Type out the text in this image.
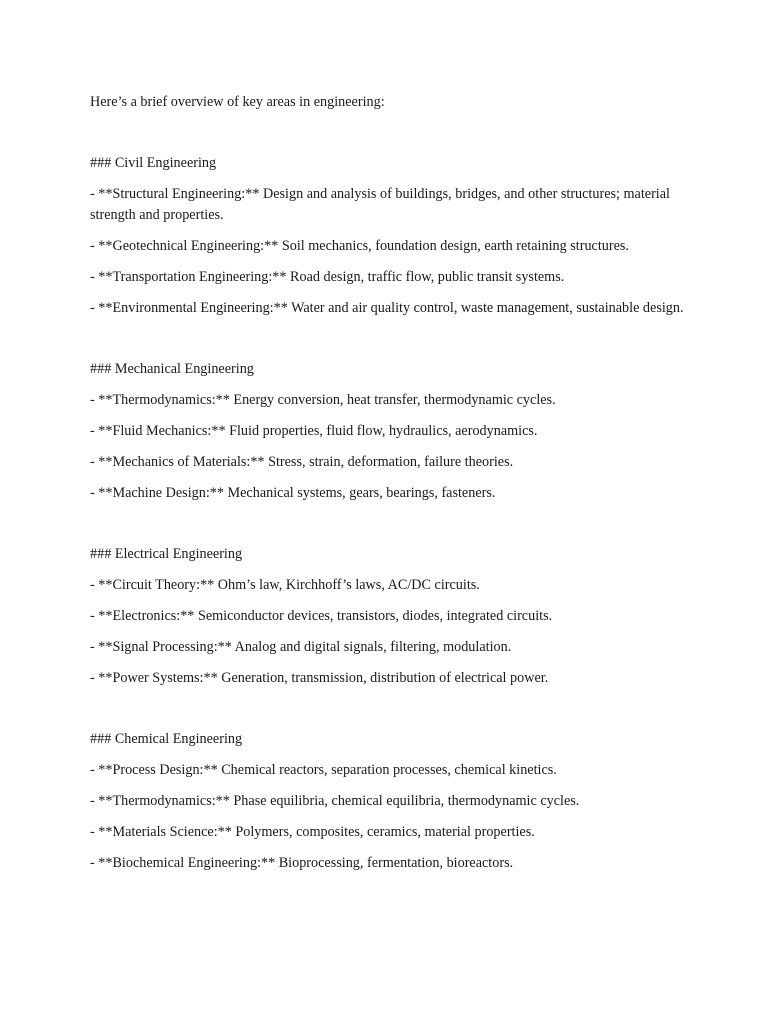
Here’s a brief overview of key areas in engineering:

### Civil Engineering

- **Structural Engineering:** Design and analysis of buildings, bridges, and other structures; material strength and properties.

- **Geotechnical Engineering:** Soil mechanics, foundation design, earth retaining structures.

- **Transportation Engineering:** Road design, traffic flow, public transit systems.

- **Environmental Engineering:** Water and air quality control, waste management, sustainable design.

### Mechanical Engineering

- **Thermodynamics:** Energy conversion, heat transfer, thermodynamic cycles.

- **Fluid Mechanics:** Fluid properties, fluid flow, hydraulics, aerodynamics.

- **Mechanics of Materials:** Stress, strain, deformation, failure theories.

- **Machine Design:** Mechanical systems, gears, bearings, fasteners.

### Electrical Engineering

- **Circuit Theory:** Ohm’s law, Kirchhoff’s laws, AC/DC circuits.

- **Electronics:** Semiconductor devices, transistors, diodes, integrated circuits.

- **Signal Processing:** Analog and digital signals, filtering, modulation.

- **Power Systems:** Generation, transmission, distribution of electrical power.

### Chemical Engineering

- **Process Design:** Chemical reactors, separation processes, chemical kinetics.

- **Thermodynamics:** Phase equilibria, chemical equilibria, thermodynamic cycles.

- **Materials Science:** Polymers, composites, ceramics, material properties.

- **Biochemical Engineering:** Bioprocessing, fermentation, bioreactors.
